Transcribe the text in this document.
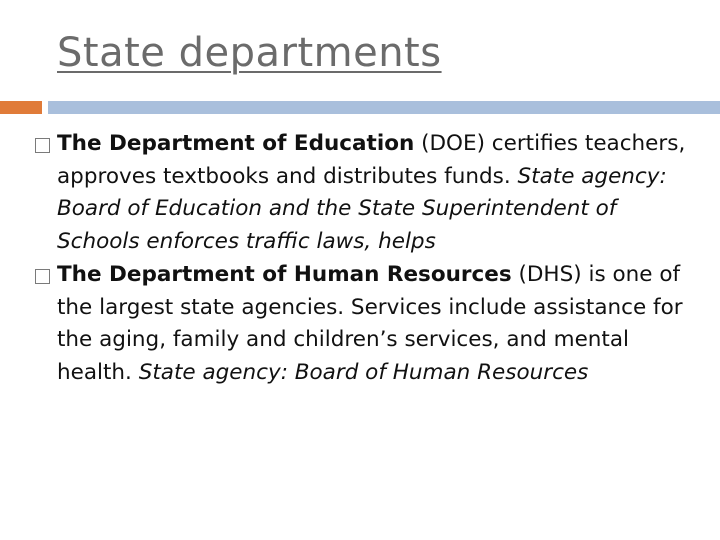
State departments

The Department of Education (DOE) certifies teachers, approves textbooks and distributes funds. State agency: Board of Education and the State Superintendent of Schools enforces traffic laws, helps

The Department of Human Resources (DHS) is one of the largest state agencies. Services include assistance for the aging, family and children’s services, and mental health. State agency: Board of Human Resources
